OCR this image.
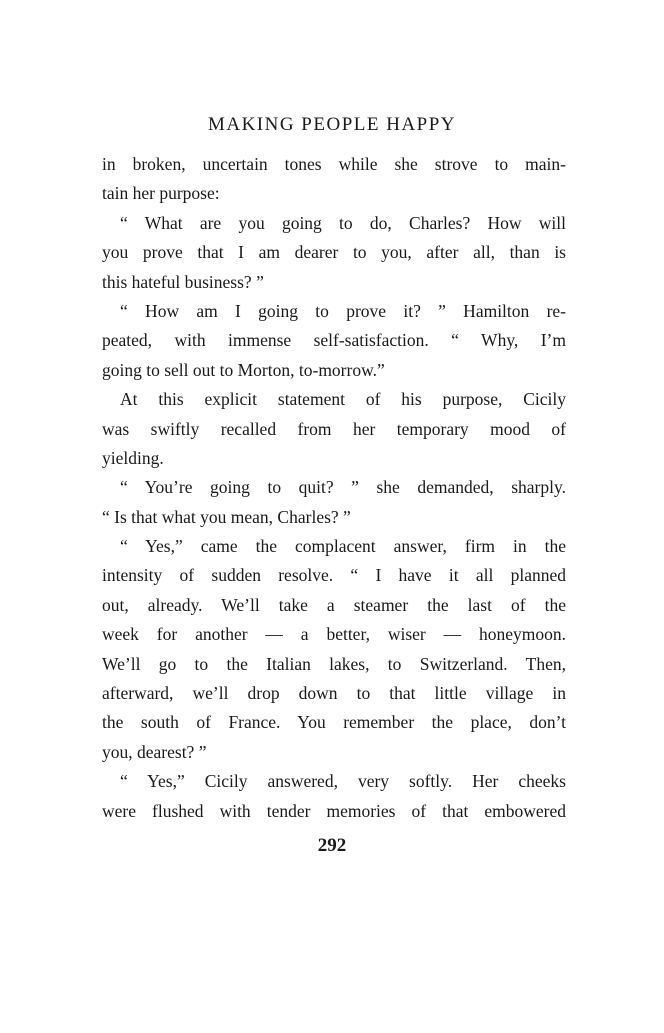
MAKING PEOPLE HAPPY
in broken, uncertain tones while she strove to main-
tain her purpose:
“ What are you going to do, Charles? How will
you prove that I am dearer to you, after all, than is
this hateful business? ”
“ How am I going to prove it? ” Hamilton re-
peated, with immense self-satisfaction. “ Why, I’m
going to sell out to Morton, to-morrow.”
At this explicit statement of his purpose, Cicily
was swiftly recalled from her temporary mood of
yielding.
“ You’re going to quit? ” she demanded, sharply.
“ Is that what you mean, Charles? ”
“ Yes,” came the complacent answer, firm in the
intensity of sudden resolve. “ I have it all planned
out, already. We’ll take a steamer the last of the
week for another — a better, wiser — honeymoon.
We’ll go to the Italian lakes, to Switzerland. Then,
afterward, we’ll drop down to that little village in
the south of France. You remember the place, don’t
you, dearest? ”
“ Yes,” Cicily answered, very softly. Her cheeks
were flushed with tender memories of that embowered
292
